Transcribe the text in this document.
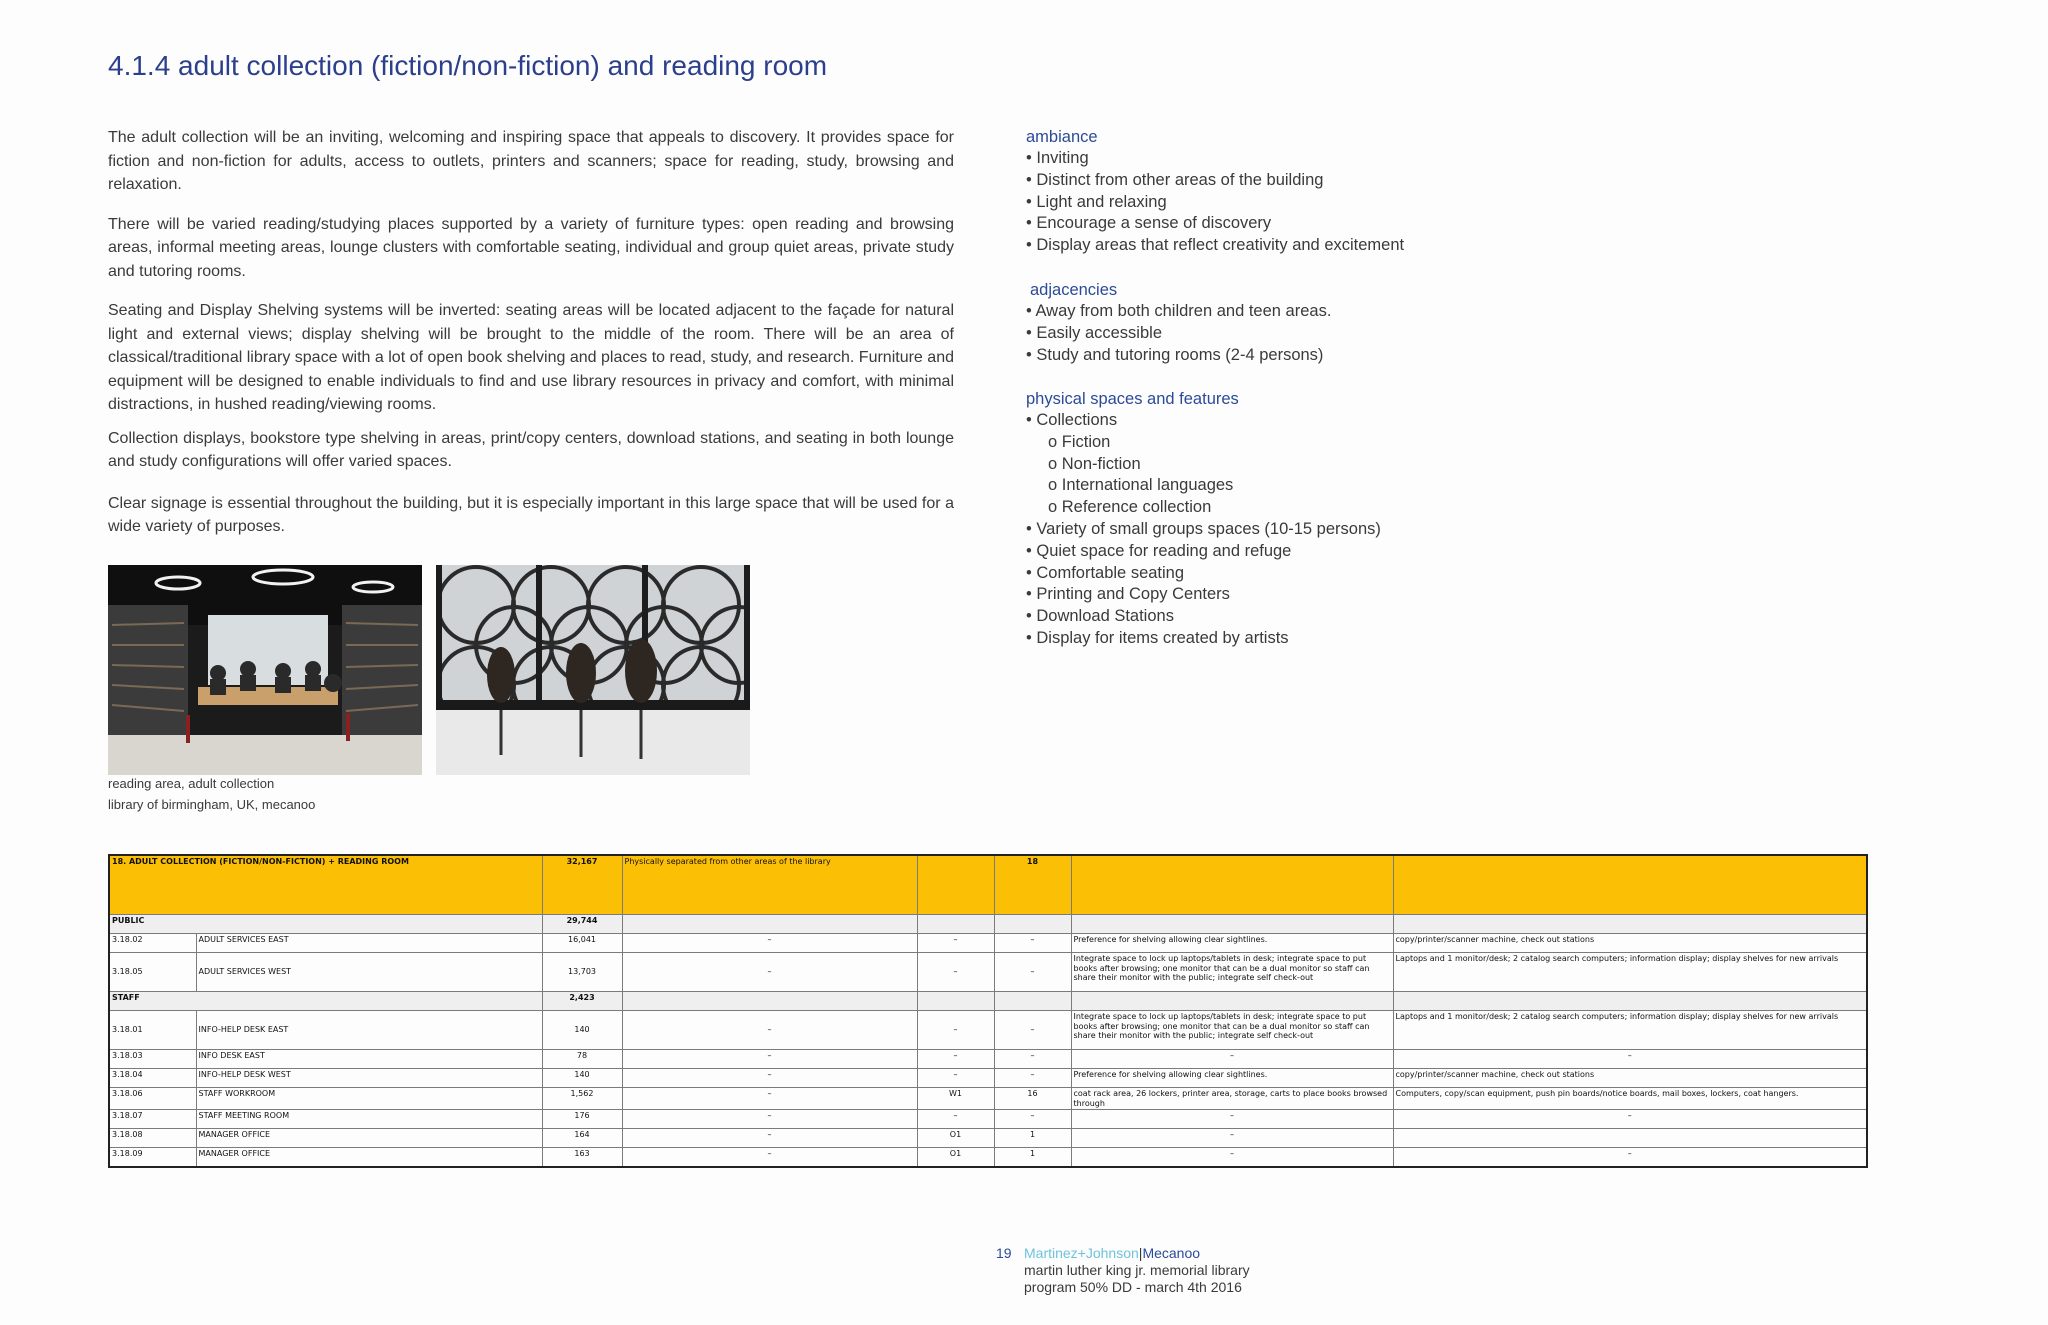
4.1.4 adult collection (fiction/non-fiction) and reading room

The adult collection will be an inviting, welcoming and inspiring space that appeals to discovery. It provides space for fiction and non-fiction for adults, access to outlets, printers and scanners; space for reading, study, browsing and relaxation.

There will be varied reading/studying places supported by a variety of furniture types: open reading and browsing areas, informal meeting areas, lounge clusters with comfortable seating, individual and group quiet areas, private study and tutoring rooms.

Seating and Display Shelving systems will be inverted: seating areas will be located adjacent to the façade for natural light and external views; display shelving will be brought to the middle of the room. There will be an area of classical/traditional library space with a lot of open book shelving and places to read, study, and research. Furniture and equipment will be designed to enable individuals to find and use library resources in privacy and comfort, with minimal distractions, in hushed reading/viewing rooms.

Collection displays, bookstore type shelving in areas, print/copy centers, download stations, and seating in both lounge and study configurations will offer varied spaces.

Clear signage is essential throughout the building, but it is especially important in this large space that will be used for a wide variety of purposes.

ambiance
• Inviting
• Distinct from other areas of the building
• Light and relaxing
• Encourage a sense of discovery
• Display areas that reflect creativity and excitement
adjacencies
• Away from both children and teen areas.
• Easily accessible
• Study and tutoring rooms (2-4 persons)
physical spaces and features
• Collections
o Fiction
o Non-fiction
o International languages
o Reference collection
• Variety of small groups spaces (10-15 persons)
• Quiet space for reading and refuge
• Comfortable seating
• Printing and Copy Centers
• Download Stations
• Display for items created by artists
reading area, adult collection
library of birmingham, UK, mecanoo
18. ADULT COLLECTION (FICTION/NON-FICTION) + READING ROOM		32,167	Physically separated from other areas of the library		18		
PUBLIC		29,744					
3.18.02	ADULT SERVICES EAST	16,041	–	–	–	Preference for shelving allowing clear sightlines.	copy/printer/scanner machine, check out stations
3.18.05	ADULT SERVICES WEST	13,703	–	–	–	Integrate space to lock up laptops/tablets in desk; integrate space to put books after browsing; one monitor that can be a dual monitor so staff can share their monitor with the public; integrate self check-out	Laptops and 1 monitor/desk; 2 catalog search computers; information display; display shelves for new arrivals
STAFF		2,423					
3.18.01	INFO-HELP DESK EAST	140	–	–	–	Integrate space to lock up laptops/tablets in desk; integrate space to put books after browsing; one monitor that can be a dual monitor so staff can share their monitor with the public; integrate self check-out	Laptops and 1 monitor/desk; 2 catalog search computers; information display; display shelves for new arrivals
3.18.03	INFO DESK EAST	78	–	–	–	–	–
3.18.04	INFO-HELP DESK WEST	140	–	–	–	Preference for shelving allowing clear sightlines.	copy/printer/scanner machine, check out stations
3.18.06	STAFF WORKROOM	1,562	–	W1	16	coat rack area, 26 lockers, printer area, storage, carts to place books browsed through	Computers, copy/scan equipment, push pin boards/notice boards, mail boxes, lockers, coat hangers.
3.18.07	STAFF MEETING ROOM	176	–	–	–	–	–
3.18.08	MANAGER OFFICE	164	–	O1	1	–	
3.18.09	MANAGER OFFICE	163	–	O1	1	–	–
19 Martinez+Johnson|Mecanoo
martin luther king jr. memorial library
program 50% DD - march 4th 2016
